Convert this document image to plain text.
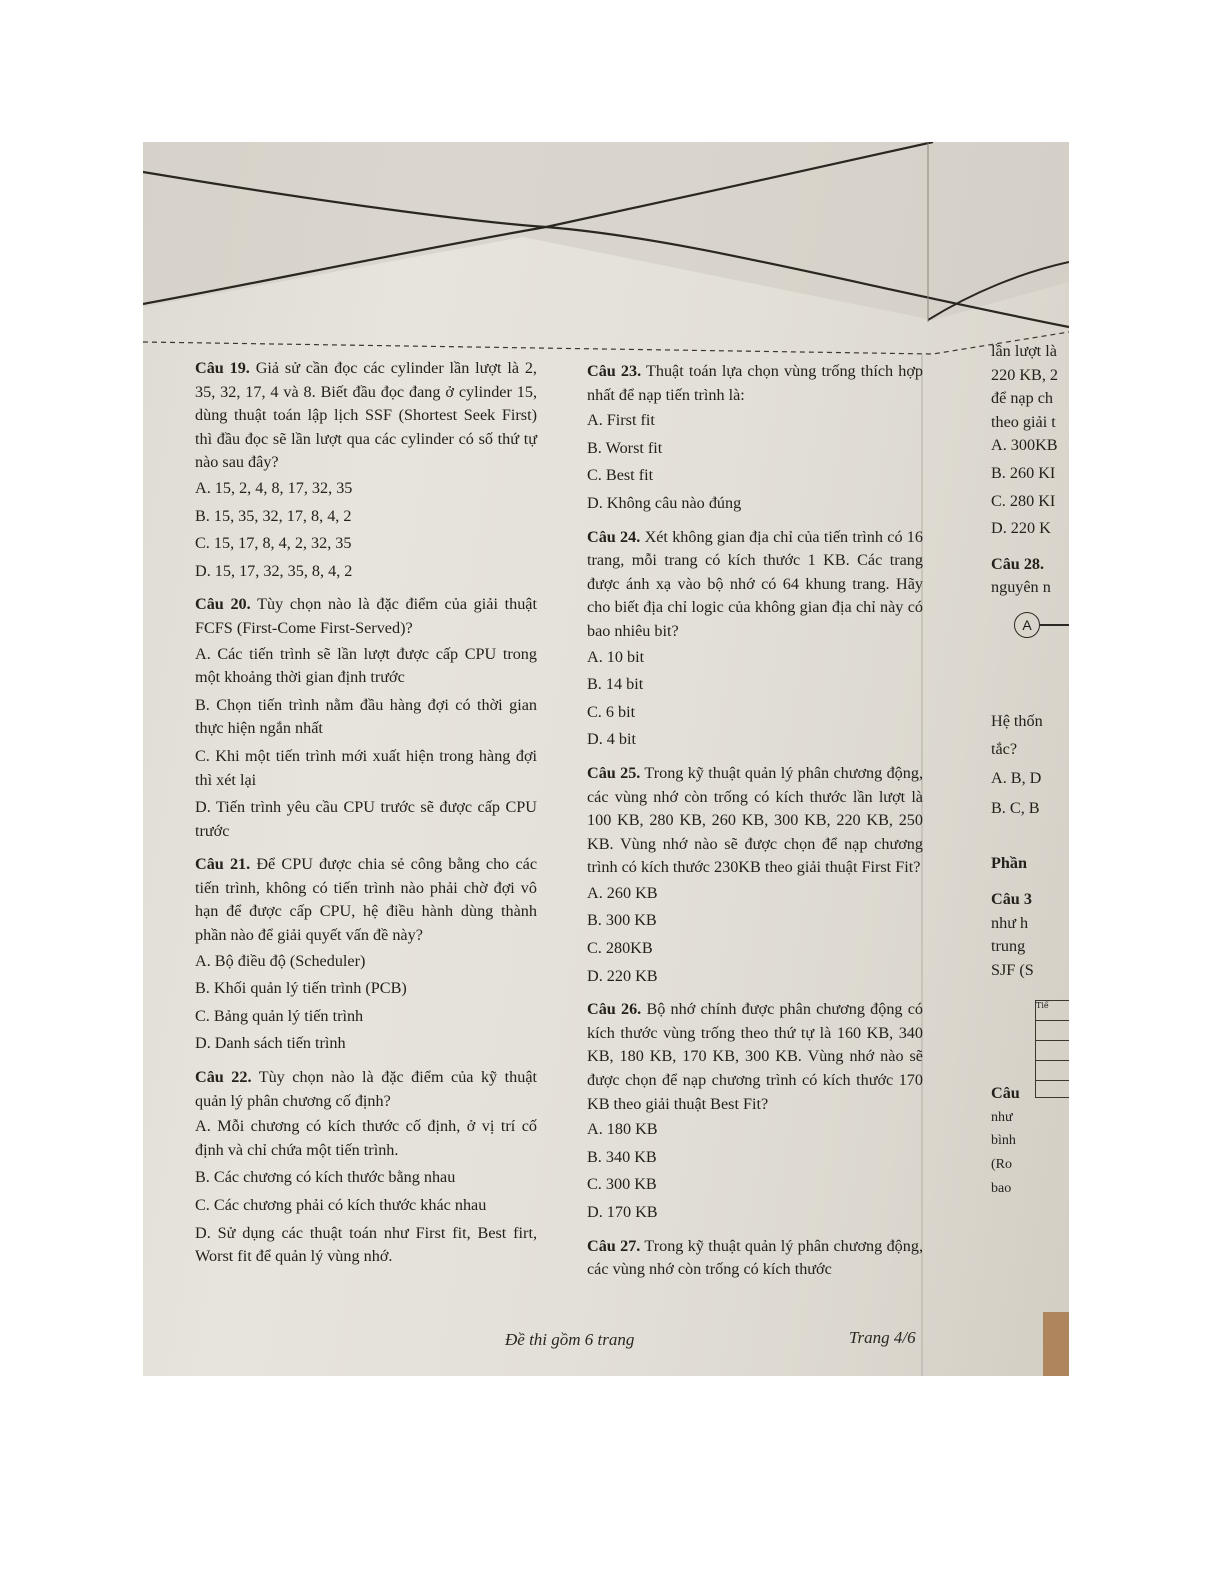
Câu 19. Giả sử cần đọc các cylinder lần lượt là 2, 35, 32, 17, 4 và 8. Biết đầu đọc đang ở cylinder 15, dùng thuật toán lập lịch SSF (Shortest Seek First) thì đầu đọc sẽ lần lượt qua các cylinder có số thứ tự nào sau đây?
A. 15, 2, 4, 8, 17, 32, 35
B. 15, 35, 32, 17, 8, 4, 2
C. 15, 17, 8, 4, 2, 32, 35
D. 15, 17, 32, 35, 8, 4, 2
Câu 20. Tùy chọn nào là đặc điểm của giải thuật FCFS (First-Come First-Served)?
A. Các tiến trình sẽ lần lượt được cấp CPU trong một khoảng thời gian định trước
B. Chọn tiến trình nằm đầu hàng đợi có thời gian thực hiện ngắn nhất
C. Khi một tiến trình mới xuất hiện trong hàng đợi thì xét lại
D. Tiến trình yêu cầu CPU trước sẽ được cấp CPU trước
Câu 21. Để CPU được chia sẻ công bằng cho các tiến trình, không có tiến trình nào phải chờ đợi vô hạn để được cấp CPU, hệ điều hành dùng thành phần nào để giải quyết vấn đề này?
A. Bộ điều độ (Scheduler)
B. Khối quản lý tiến trình (PCB)
C. Bảng quản lý tiến trình
D. Danh sách tiến trình
Câu 22. Tùy chọn nào là đặc điểm của kỹ thuật quản lý phân chương cố định?
A. Mỗi chương có kích thước cố định, ở vị trí cố định và chỉ chứa một tiến trình.
B. Các chương có kích thước bằng nhau
C. Các chương phải có kích thước khác nhau
D. Sử dụng các thuật toán như First fit, Best firt, Worst fit để quản lý vùng nhớ.
Câu 23. Thuật toán lựa chọn vùng trống thích hợp nhất để nạp tiến trình là:
A. First fit
B. Worst fit
C. Best fit
D. Không câu nào đúng
Câu 24. Xét không gian địa chỉ của tiến trình có 16 trang, mỗi trang có kích thước 1 KB. Các trang được ánh xạ vào bộ nhớ có 64 khung trang. Hãy cho biết địa chỉ logic của không gian địa chỉ này có bao nhiêu bit?
A. 10 bit
B. 14 bit
C. 6 bit
D. 4 bit
Câu 25. Trong kỹ thuật quản lý phân chương động, các vùng nhớ còn trống có kích thước lần lượt là 100 KB, 280 KB, 260 KB, 300 KB, 220 KB, 250 KB. Vùng nhớ nào sẽ được chọn để nạp chương trình có kích thước 230KB theo giải thuật First Fit?
A. 260 KB
B. 300 KB
C. 280KB
D. 220 KB
Câu 26. Bộ nhớ chính được phân chương động có kích thước vùng trống theo thứ tự là 160 KB, 340 KB, 180 KB, 170 KB, 300 KB. Vùng nhớ nào sẽ được chọn để nạp chương trình có kích thước 170 KB theo giải thuật Best Fit?
A. 180 KB
B. 340 KB
C. 300 KB
D. 170 KB
Câu 27. Trong kỹ thuật quản lý phân chương động, các vùng nhớ còn trống có kích thước
lần lượt là
220 KB, 2
để nạp ch
theo giải t
A. 300KB
B. 260 KI
C. 280 KI
D. 220 K
Câu 28.
nguyên n
Hệ thốn
tắc?
A. B, D
B. C, B
Phần
Câu 3
như h
trung
SJF (S
Câu
như
bình
(Ro
bao
A
Tiế
Đề thi gồm 6 trang	Trang 4/6
